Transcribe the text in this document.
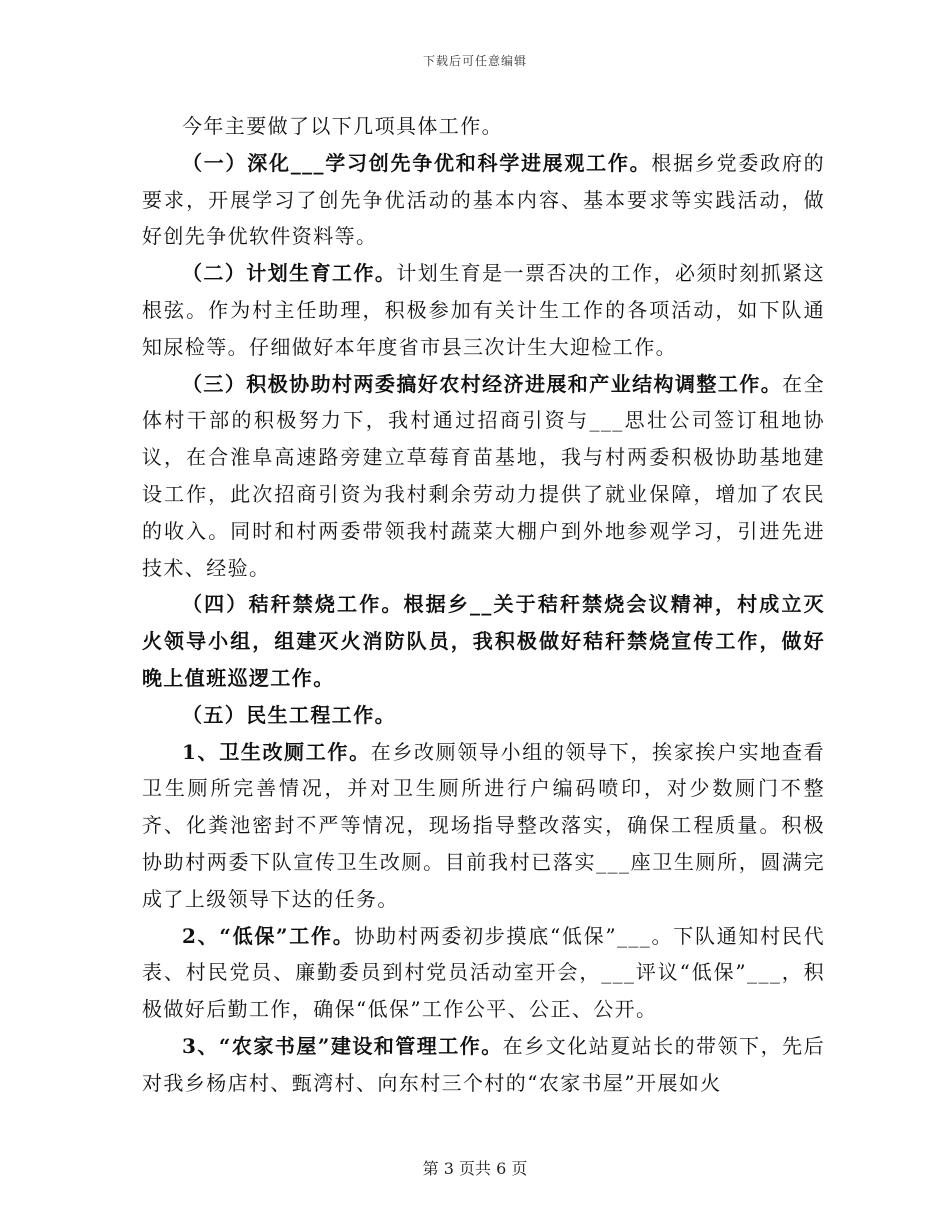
下载后可任意编辑

今年主要做了以下几项具体工作。

（一）深化___学习创先争优和科学进展观工作。根据乡党委政府的要求，开展学习了创先争优活动的基本内容、基本要求等实践活动，做好创先争优软件资料等。

（二）计划生育工作。计划生育是一票否决的工作，必须时刻抓紧这根弦。作为村主任助理，积极参加有关计生工作的各项活动，如下队通知尿检等。仔细做好本年度省市县三次计生大迎检工作。

（三）积极协助村两委搞好农村经济进展和产业结构调整工作。在全体村干部的积极努力下，我村通过招商引资与___思壮公司签订租地协议，在合淮阜高速路旁建立草莓育苗基地，我与村两委积极协助基地建设工作，此次招商引资为我村剩余劳动力提供了就业保障，增加了农民的收入。同时和村两委带领我村蔬菜大棚户到外地参观学习，引进先进技术、经验。

（四）秸秆禁烧工作。根据乡__关于秸秆禁烧会议精神，村成立灭火领导小组，组建灭火消防队员，我积极做好秸秆禁烧宣传工作，做好晚上值班巡逻工作。

（五）民生工程工作。

1、卫生改厕工作。在乡改厕领导小组的领导下，挨家挨户实地查看卫生厕所完善情况，并对卫生厕所进行户编码喷印，对少数厕门不整齐、化粪池密封不严等情况，现场指导整改落实，确保工程质量。积极协助村两委下队宣传卫生改厕。目前我村已落实___座卫生厕所，圆满完成了上级领导下达的任务。

2、“低保”工作。协助村两委初步摸底“低保”___。下队通知村民代表、村民党员、廉勤委员到村党员活动室开会，___评议“低保”___，积极做好后勤工作，确保“低保”工作公平、公正、公开。

3、“农家书屋”建设和管理工作。在乡文化站夏站长的带领下，先后对我乡杨店村、甄湾村、向东村三个村的“农家书屋”开展如火

第 3 页共 6 页
